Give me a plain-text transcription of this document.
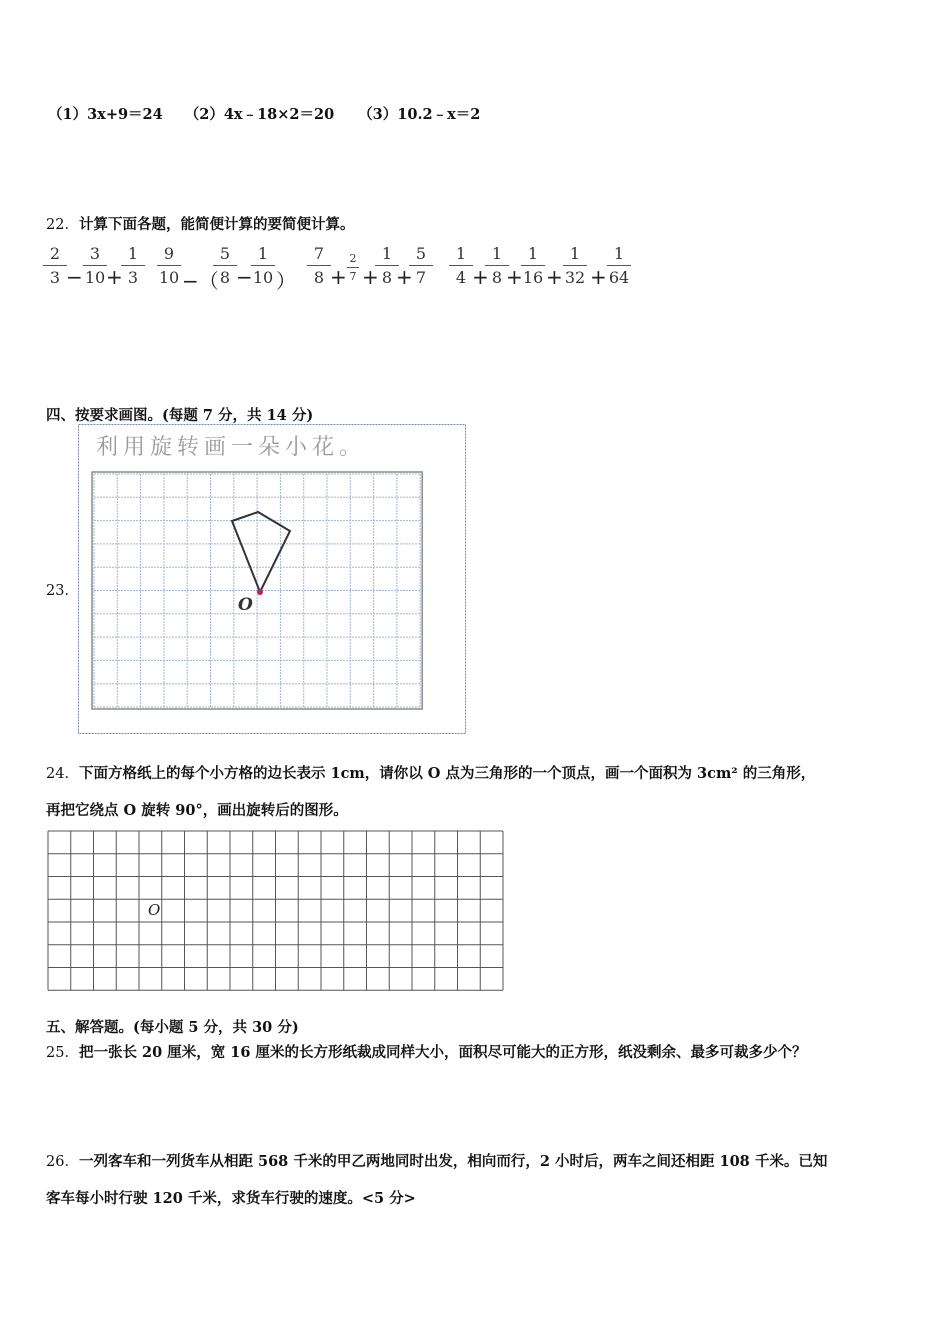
（1）3x+9＝24 （2）4x﹣18×2＝20 （3）10.2﹣x＝2
22．计算下面各题，能简便计算的要简便计算。
2
3 −
3
10 +
1
3
9
10 −（
5
8 −
1
10 ）
7
8 +
2
7 +
1
8 +
5
7
1
4 +
1
8 +
1
16 +
1
32 +
1
64
四、按要求画图。(每题 7 分，共 14 分)
23．
利用旋转画一朵小花。
O
24．下面方格纸上的每个小方格的边长表示 1cm，请你以 O 点为三角形的一个顶点，画一个面积为 3cm² 的三角形，
再把它绕点 O 旋转 90°，画出旋转后的图形。
O
五、解答题。(每小题 5 分，共 30 分)
25．把一张长 20 厘米，宽 16 厘米的长方形纸裁成同样大小，面积尽可能大的正方形，纸没剩余、最多可裁多少个？
26．一列客车和一列货车从相距 568 千米的甲乙两地同时出发，相向而行，2 小时后，两车之间还相距 108 千米。已知
客车每小时行驶 120 千米，求货车行驶的速度。<5 分>
